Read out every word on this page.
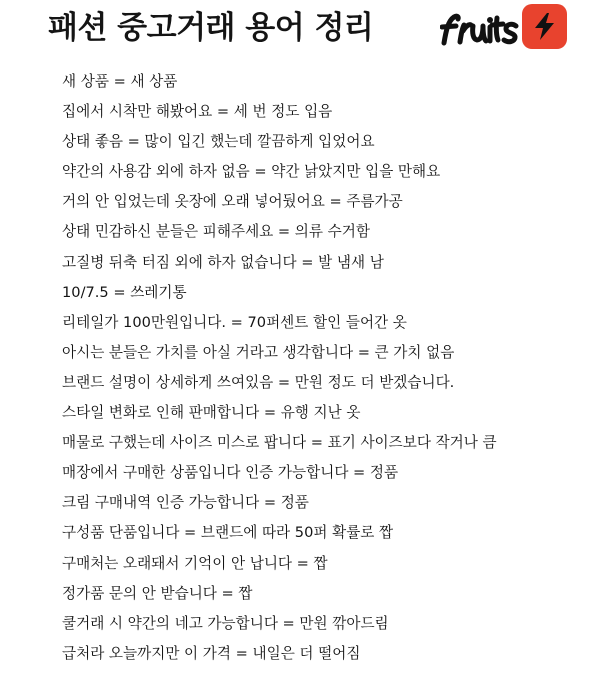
패션 중고거래 용어 정리
새 상품 = 새 상품
집에서 시착만 해봤어요 = 세 번 정도 입음
상태 좋음 = 많이 입긴 했는데 깔끔하게 입었어요
약간의 사용감 외에 하자 없음 = 약간 낡았지만 입을 만해요
거의 안 입었는데 옷장에 오래 넣어뒀어요 = 주름가공
상태 민감하신 분들은 피해주세요 = 의류 수거함
고질병 뒤축 터짐 외에 하자 없습니다 = 발 냄새 남
10/7.5 = 쓰레기통
리테일가 100만원입니다. = 70퍼센트 할인 들어간 옷
아시는 분들은 가치를 아실 거라고 생각합니다 = 큰 가치 없음
브랜드 설명이 상세하게 쓰여있음 = 만원 정도 더 받겠습니다.
스타일 변화로 인해 판매합니다 = 유행 지난 옷
매물로 구했는데 사이즈 미스로 팝니다 = 표기 사이즈보다 작거나 큼
매장에서 구매한 상품입니다 인증 가능합니다 = 정품
크림 구매내역 인증 가능합니다 = 정품
구성품 단품입니다 = 브랜드에 따라 50퍼 확률로 짭
구매처는 오래돼서 기억이 안 납니다 = 짭
정가품 문의 안 받습니다 = 짭
쿨거래 시 약간의 네고 가능합니다 = 만원 깎아드림
급처라 오늘까지만 이 가격 = 내일은 더 떨어짐
